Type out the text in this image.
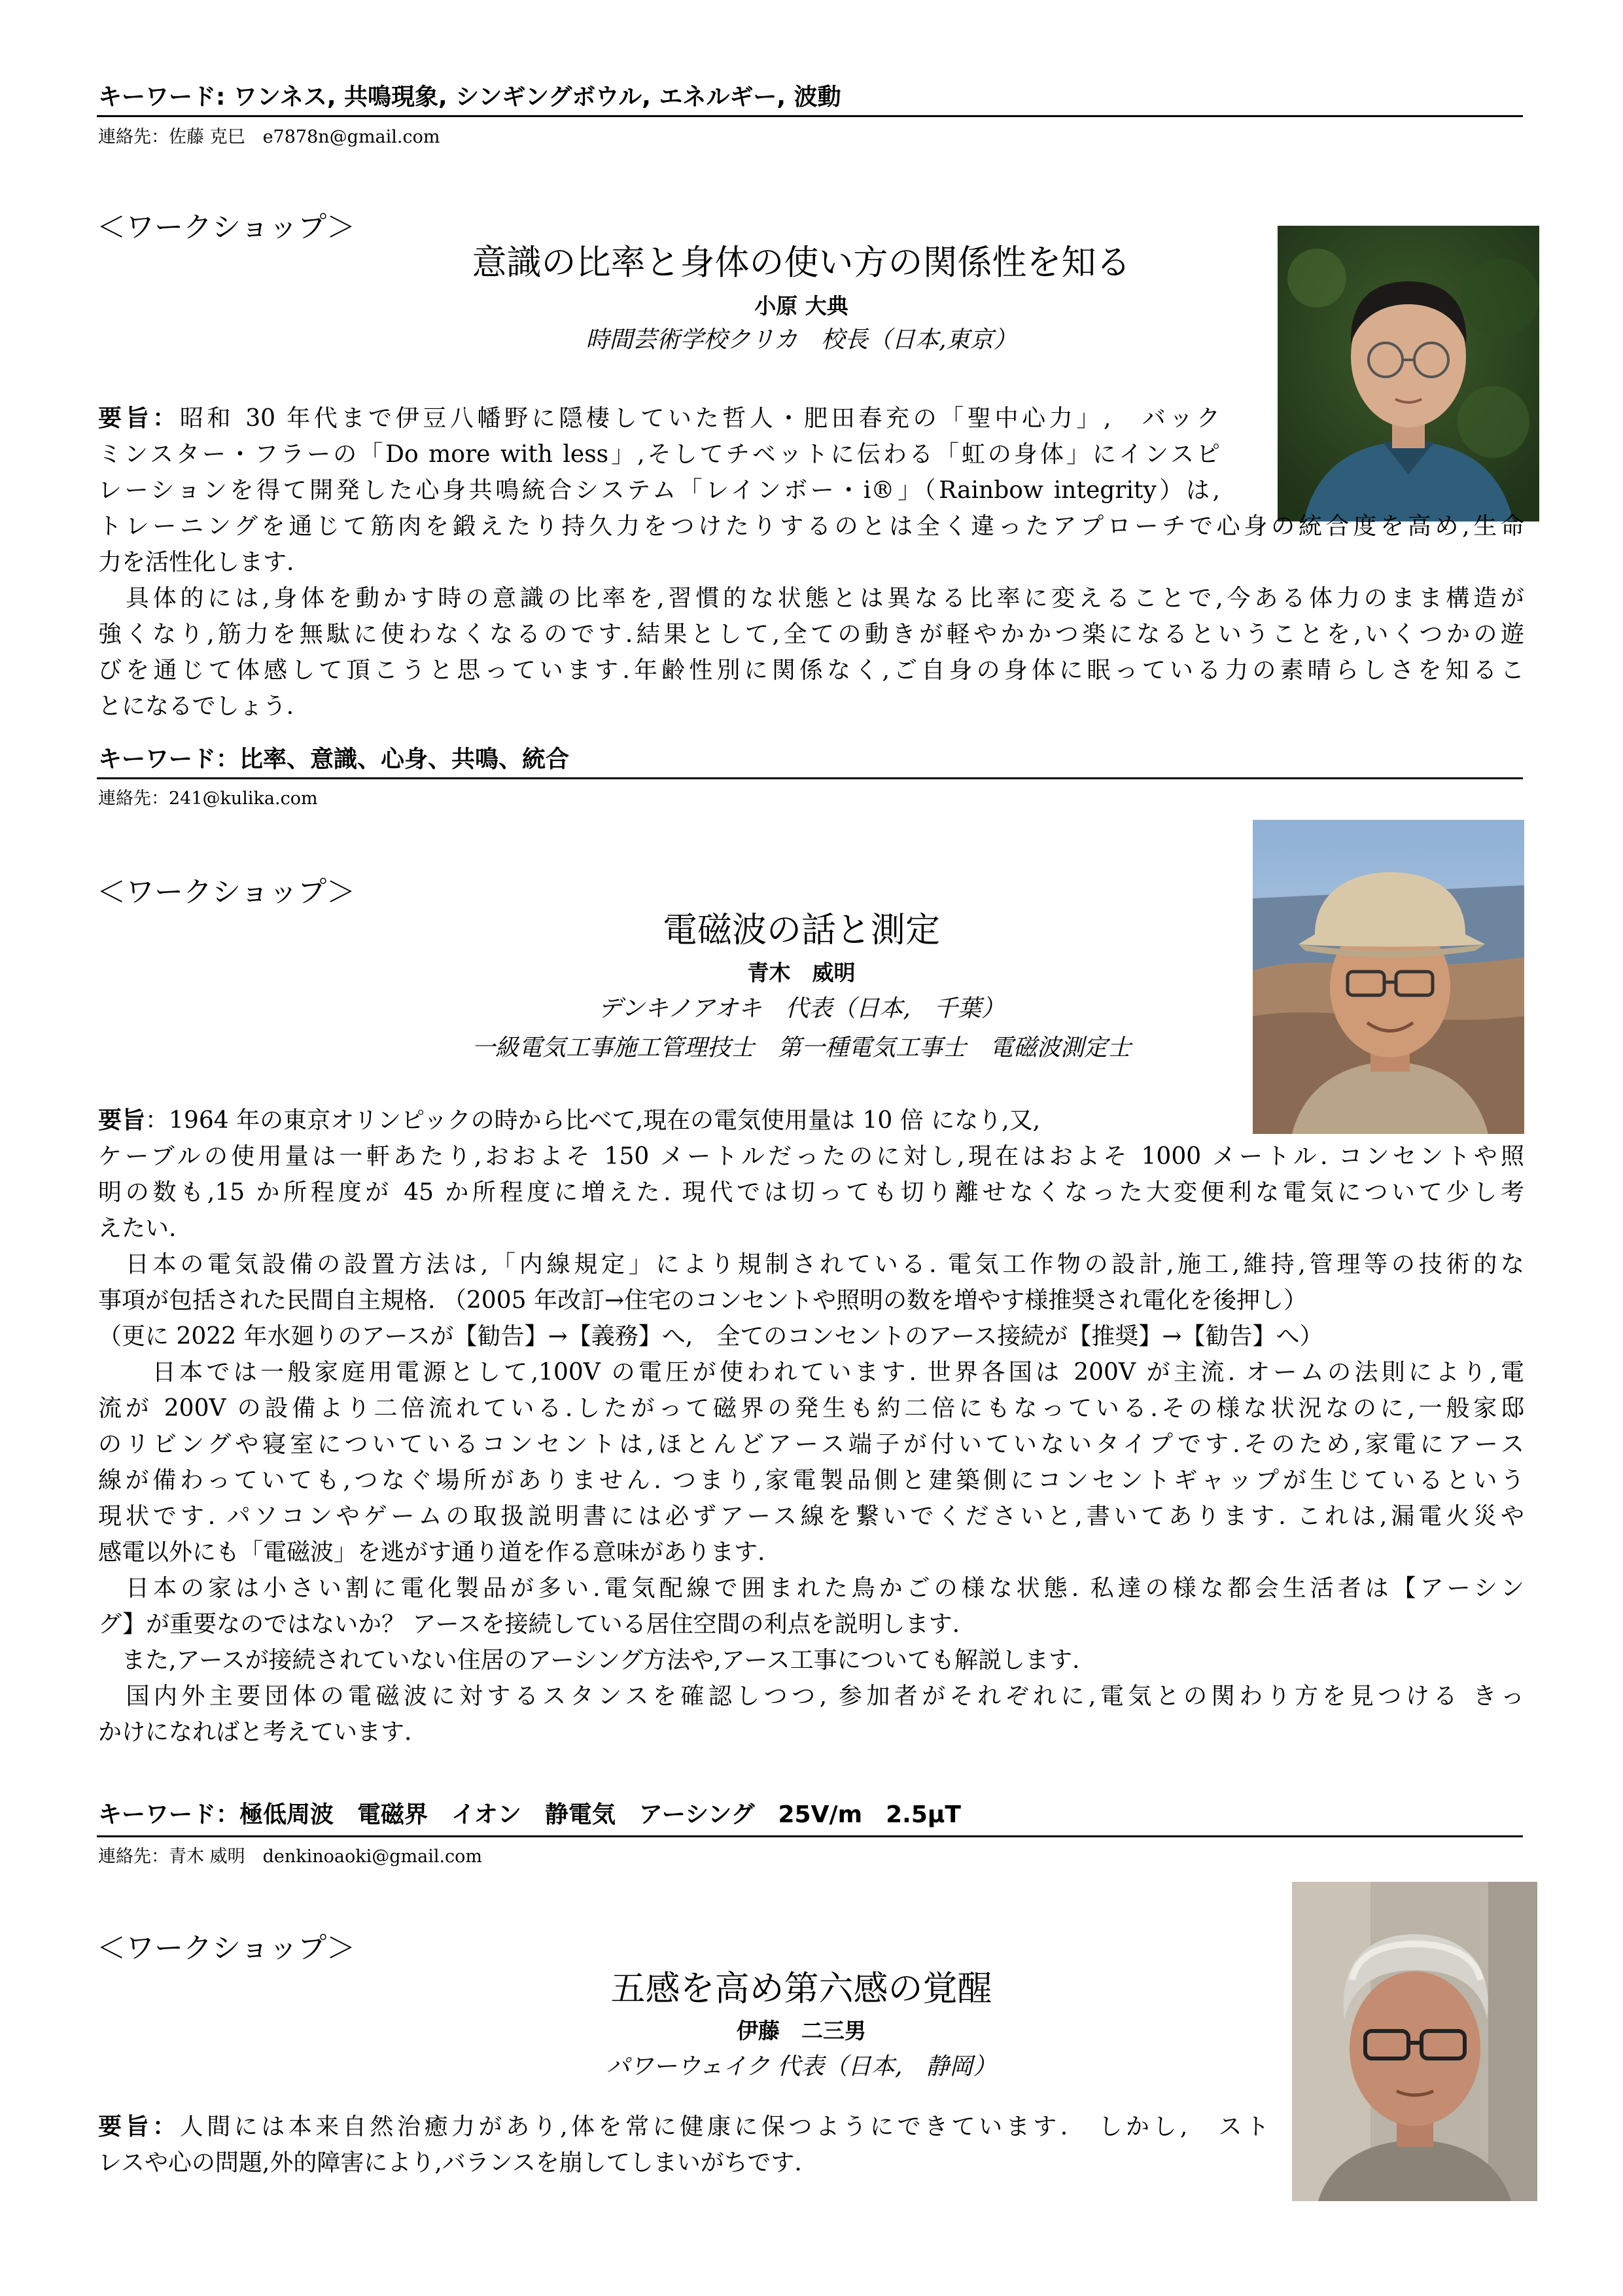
キーワード: ワンネス, 共鳴現象, シンギングボウル, エネルギー, 波動
連絡先：佐藤 克巳　e7878n@gmail.com
＜ワークショップ＞
意識の比率と身体の使い方の関係性を知る
小原 大典
時間芸術学校クリカ　校長（日本,東京）
要旨：昭和 30 年代まで伊豆八幡野に隠棲していた哲人・肥田春充の「聖中心力」,　バック
ミンスター・フラーの「Do more with less」,そしてチベットに伝わる「虹の身体」にインスピ
レーションを得て開発した心身共鳴統合システム「レインボー・i®」（Rainbow integrity）は,
トレーニングを通じて筋肉を鍛えたり持久力をつけたりするのとは全く違ったアプローチで心身の統合度を高め,生命
力を活性化します.
　具体的には,身体を動かす時の意識の比率を,習慣的な状態とは異なる比率に変えることで,今ある体力のまま構造が
強くなり,筋力を無駄に使わなくなるのです.結果として,全ての動きが軽やかかつ楽になるということを,いくつかの遊
びを通じて体感して頂こうと思っています.年齢性別に関係なく,ご自身の身体に眠っている力の素晴らしさを知るこ
とになるでしょう.
キーワード：比率、意識、心身、共鳴、統合
連絡先：241@kulika.com
＜ワークショップ＞
電磁波の話と測定
青木　威明
デンキノアオキ　代表（日本,　千葉）
一級電気工事施工管理技士　第一種電気工事士　電磁波測定士
要旨：1964 年の東京オリンピックの時から比べて,現在の電気使用量は 10 倍 になり,又,
ケーブルの使用量は一軒あたり,おおよそ 150 メートルだったのに対し,現在はおよそ 1000 メートル. コンセントや照
明の数も,15 か所程度が 45 か所程度に増えた. 現代では切っても切り離せなくなった大変便利な電気について少し考
えたい.
　日本の電気設備の設置方法は,「内線規定」により規制されている. 電気工作物の設計,施工,維持,管理等の技術的な
事項が包括された民間自主規格. （2005 年改訂→住宅のコンセントや照明の数を増やす様推奨され電化を後押し）
（更に 2022 年水廻りのアースが【勧告】→【義務】へ,　全てのコンセントのアース接続が【推奨】→【勧告】へ）
　　日本では一般家庭用電源として,100V の電圧が使われています. 世界各国は 200V が主流. オームの法則により,電
流が 200V の設備より二倍流れている.したがって磁界の発生も約二倍にもなっている.その様な状況なのに,一般家邸
のリビングや寝室についているコンセントは,ほとんどアース端子が付いていないタイプです.そのため,家電にアース
線が備わっていても,つなぐ場所がありません. つまり,家電製品側と建築側にコンセントギャップが生じているという
現状です. パソコンやゲームの取扱説明書には必ずアース線を繋いでくださいと,書いてあります. これは,漏電火災や
感電以外にも「電磁波」を逃がす通り道を作る意味があります.
　日本の家は小さい割に電化製品が多い.電気配線で囲まれた鳥かごの様な状態. 私達の様な都会生活者は【アーシン
グ】が重要なのではないか？ アースを接続している居住空間の利点を説明します.
　また,アースが接続されていない住居のアーシング方法や,アース工事についても解説します.
　国内外主要団体の電磁波に対するスタンスを確認しつつ, 参加者がそれぞれに,電気との関わり方を見つける きっ
かけになればと考えています.
キーワード：極低周波　電磁界　イオン　静電気　アーシング　25V/m　2.5μT
連絡先：青木 威明　denkinoaoki@gmail.com
＜ワークショップ＞
五感を高め第六感の覚醒
伊藤　二三男
パワーウェイク 代表（日本,　静岡）
要旨：人間には本来自然治癒力があり,体を常に健康に保つようにできています.　しかし,　スト
レスや心の問題,外的障害により,バランスを崩してしまいがちです.
